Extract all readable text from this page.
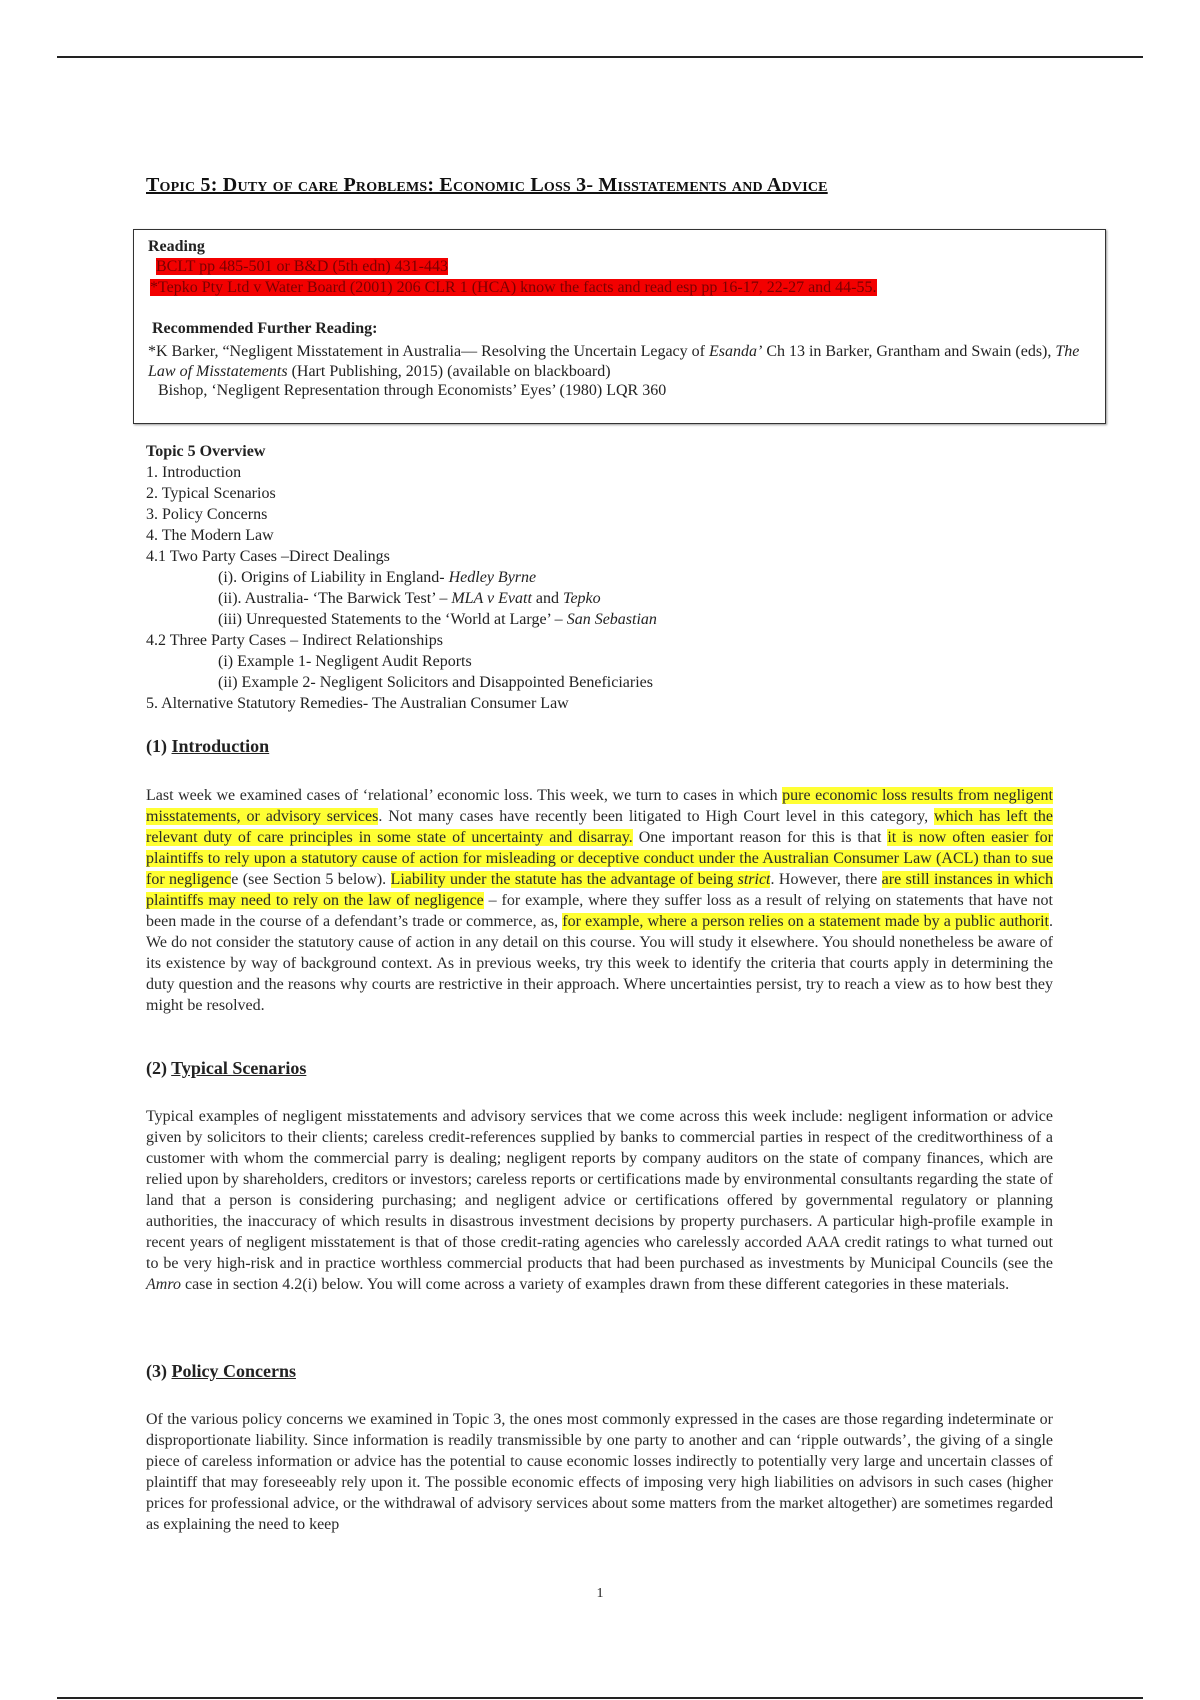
Topic 5: Duty of care Problems: Economic Loss 3- Misstatements and Advice
Reading
BCLT pp 485-501 or B&D (5th edn) 431-443
*Tepko Pty Ltd v Water Board (2001) 206 CLR 1 (HCA) know the facts and read esp pp 16-17, 22-27 and 44-55.
Recommended Further Reading:
*K Barker, “Negligent Misstatement in Australia— Resolving the Uncertain Legacy of Esanda’ Ch 13 in Barker, Grantham and Swain (eds), The Law of Misstatements (Hart Publishing, 2015) (available on blackboard)
Bishop, ‘Negligent Representation through Economists’ Eyes’ (1980) LQR 360
Topic 5 Overview
1. Introduction
2. Typical Scenarios
3. Policy Concerns
4. The Modern Law
4.1 Two Party Cases –Direct Dealings
(i). Origins of Liability in England- Hedley Byrne
(ii). Australia- ‘The Barwick Test’ – MLA v Evatt and Tepko
(iii) Unrequested Statements to the ‘World at Large’ – San Sebastian
4.2 Three Party Cases – Indirect Relationships
(i) Example 1- Negligent Audit Reports
(ii) Example 2- Negligent Solicitors and Disappointed Beneficiaries
5. Alternative Statutory Remedies- The Australian Consumer Law
(1) Introduction

Last week we examined cases of ‘relational’ economic loss. This week, we turn to cases in which pure economic loss results from negligent misstatements, or advisory services. Not many cases have recently been litigated to High Court level in this category, which has left the relevant duty of care principles in some state of uncertainty and disarray. One important reason for this is that it is now often easier for plaintiffs to rely upon a statutory cause of action for misleading or deceptive conduct under the Australian Consumer Law (ACL) than to sue for negligence (see Section 5 below). Liability under the statute has the advantage of being strict. However, there are still instances in which plaintiffs may need to rely on the law of negligence – for example, where they suffer loss as a result of relying on statements that have not been made in the course of a defendant’s trade or commerce, as, for example, where a person relies on a statement made by a public authorit. We do not consider the statutory cause of action in any detail on this course. You will study it elsewhere. You should nonetheless be aware of its existence by way of background context. As in previous weeks, try this week to identify the criteria that courts apply in determining the duty question and the reasons why courts are restrictive in their approach. Where uncertainties persist, try to reach a view as to how best they might be resolved.

(2) Typical Scenarios

Typical examples of negligent misstatements and advisory services that we come across this week include: negligent information or advice given by solicitors to their clients; careless credit-references supplied by banks to commercial parties in respect of the creditworthiness of a customer with whom the commercial parry is dealing; negligent reports by company auditors on the state of company finances, which are relied upon by shareholders, creditors or investors; careless reports or certifications made by environmental consultants regarding the state of land that a person is considering purchasing; and negligent advice or certifications offered by governmental regulatory or planning authorities, the inaccuracy of which results in disastrous investment decisions by property purchasers. A particular high-profile example in recent years of negligent misstatement is that of those credit-rating agencies who carelessly accorded AAA credit ratings to what turned out to be very high-risk and in practice worthless commercial products that had been purchased as investments by Municipal Councils (see the Amro case in section 4.2(i) below. You will come across a variety of examples drawn from these different categories in these materials.

(3) Policy Concerns

Of the various policy concerns we examined in Topic 3, the ones most commonly expressed in the cases are those regarding indeterminate or disproportionate liability. Since information is readily transmissible by one party to another and can ‘ripple outwards’, the giving of a single piece of careless information or advice has the potential to cause economic losses indirectly to potentially very large and uncertain classes of plaintiff that may foreseeably rely upon it. The possible economic effects of imposing very high liabilities on advisors in such cases (higher prices for professional advice, or the withdrawal of advisory services about some matters from the market altogether) are sometimes regarded as explaining the need to keep

1
